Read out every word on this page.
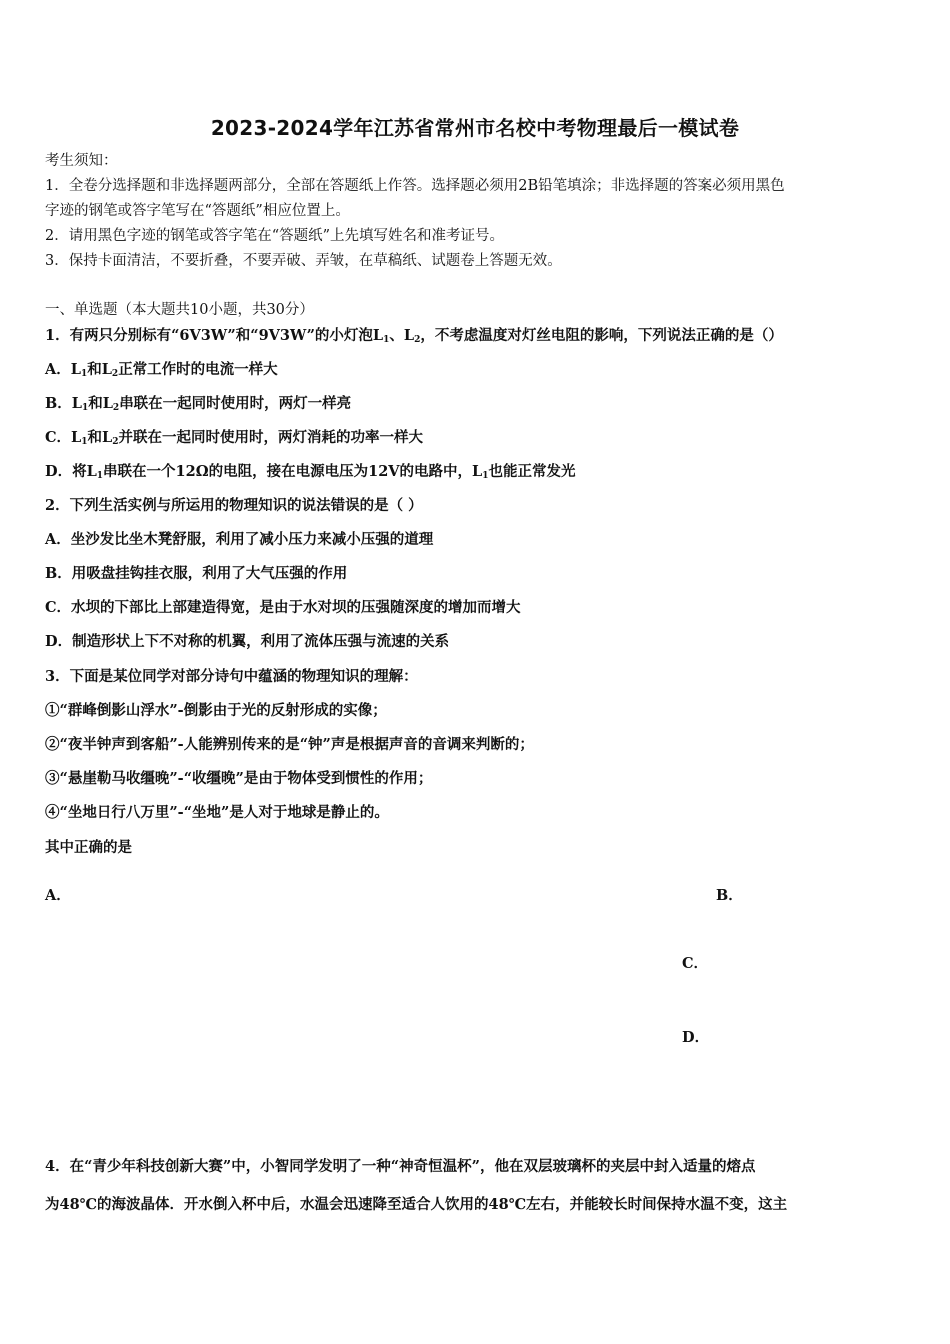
2023-2024学年江苏省常州市名校中考物理最后一模试卷
考生须知：
1．全卷分选择题和非选择题两部分，全部在答题纸上作答。选择题必须用2B铅笔填涂；非选择题的答案必须用黑色
字迹的钢笔或答字笔写在“答题纸”相应位置上。
2．请用黑色字迹的钢笔或答字笔在“答题纸”上先填写姓名和准考证号。
3．保持卡面清洁，不要折叠，不要弄破、弄皱，在草稿纸、试题卷上答题无效。
一、单选题（本大题共10小题，共30分）
1．有两只分别标有“6V3W”和“9V3W”的小灯泡$L_1$、$L_2$，不考虑温度对灯丝电阻的影响，下列说法正确的是（）
A．$L_1$和$L_2$正常工作时的电流一样大
B．$L_1$和$L_2$串联在一起同时使用时，两灯一样亮
C．$L_1$和$L_2$并联在一起同时使用时，两灯消耗的功率一样大
D．将$L_1$串联在一个12Ω的电阻，接在电源电压为12V的电路中，$L_1$也能正常发光
2．下列生活实例与所运用的物理知识的说法错误的是（ ）
A．坐沙发比坐木凳舒服，利用了减小压力来减小压强的道理
B．用吸盘挂钩挂衣服，利用了大气压强的作用
C．水坝的下部比上部建造得宽，是由于水对坝的压强随深度的增加而增大
D．制造形状上下不对称的机翼，利用了流体压强与流速的关系
3．下面是某位同学对部分诗句中蕴涵的物理知识的理解：
①“群峰倒影山浮水”-倒影由于光的反射形成的实像；
②“夜半钟声到客船”-人能辨别传来的是“钟”声是根据声音的音调来判断的；
③“悬崖勒马收缰晚”-“收缰晚”是由于物体受到惯性的作用；
④“坐地日行八万里”-“坐地”是人对于地球是静止的。
其中正确的是
A．	B．
C．
D．
4．在“青少年科技创新大赛”中，小智同学发明了一种“神奇恒温杯”，他在双层玻璃杯的夹层中封入适量的熔点
为48℃的海波晶体．开水倒入杯中后，水温会迅速降至适合人饮用的48℃左右，并能较长时间保持水温不变，这主
